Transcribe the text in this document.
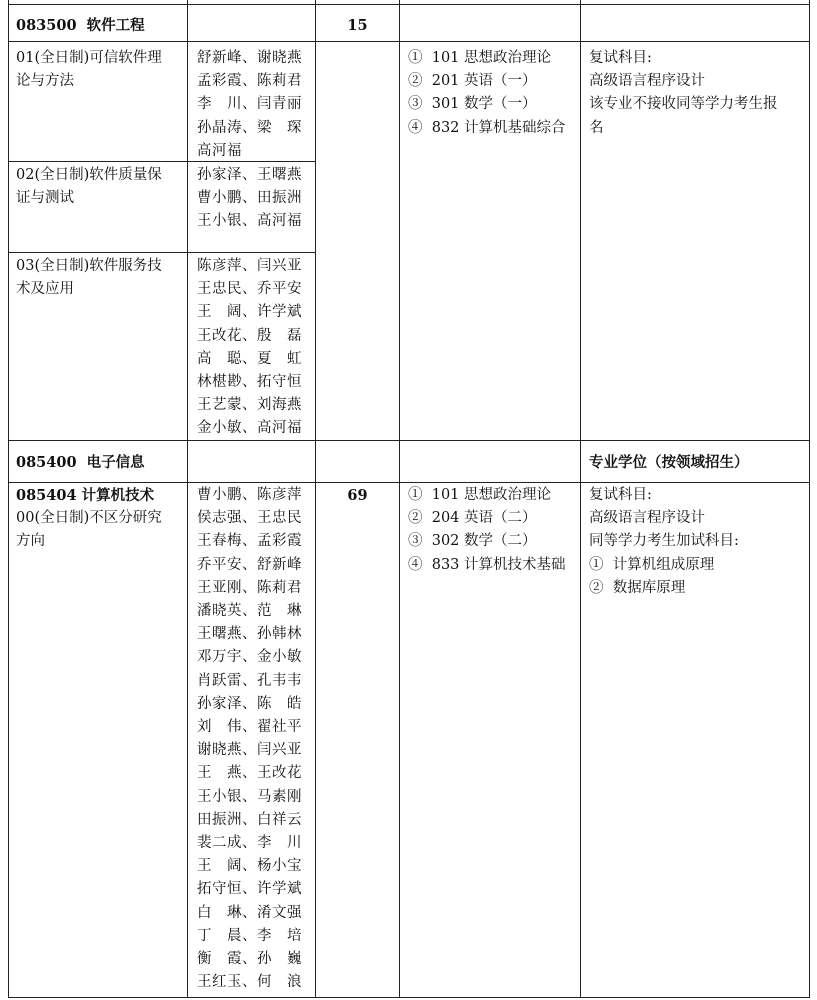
083500  软件工程	15
01(全日制)可信软件理
论与方法
舒新峰、谢晓燕
孟彩霞、陈莉君
李　川、闫青丽
孙晶涛、梁　琛
高河福
①  101 思想政治理论
②  201 英语（一）
③  301 数学（一）
④  832 计算机基础综合
复试科目:
高级语言程序设计
该专业不接收同等学力考生报
名
02(全日制)软件质量保
证与测试
孙家泽、王曙燕
曹小鹏、田振洲
王小银、高河福
03(全日制)软件服务技
术及应用
陈彦萍、闫兴亚
王忠民、乔平安
王　阔、许学斌
王改花、殷　磊
高　聪、夏　虹
林椹尠、拓守恒
王艺蒙、刘海燕
金小敏、高河福
085400  电子信息	专业学位（按领域招生）
085404 计算机技术
00(全日制)不区分研究
方向
69
曹小鹏、陈彦萍
侯志强、王忠民
王春梅、孟彩霞
乔平安、舒新峰
王亚刚、陈莉君
潘晓英、范　琳
王曙燕、孙韩林
邓万宇、金小敏
肖跃雷、孔韦韦
孙家泽、陈　皓
刘　伟、翟社平
谢晓燕、闫兴亚
王　燕、王改花
王小银、马素刚
田振洲、白祥云
裴二成、李　川
王　阔、杨小宝
拓守恒、许学斌
白　琳、淆文强
丁　晨、李　培
衡　霞、孙　巍
王红玉、何　浪
①  101 思想政治理论
②  204 英语（二）
③  302 数学（二）
④  833 计算机技术基础
复试科目:
高级语言程序设计
同等学力考生加试科目:
①  计算机组成原理
②  数据库原理
